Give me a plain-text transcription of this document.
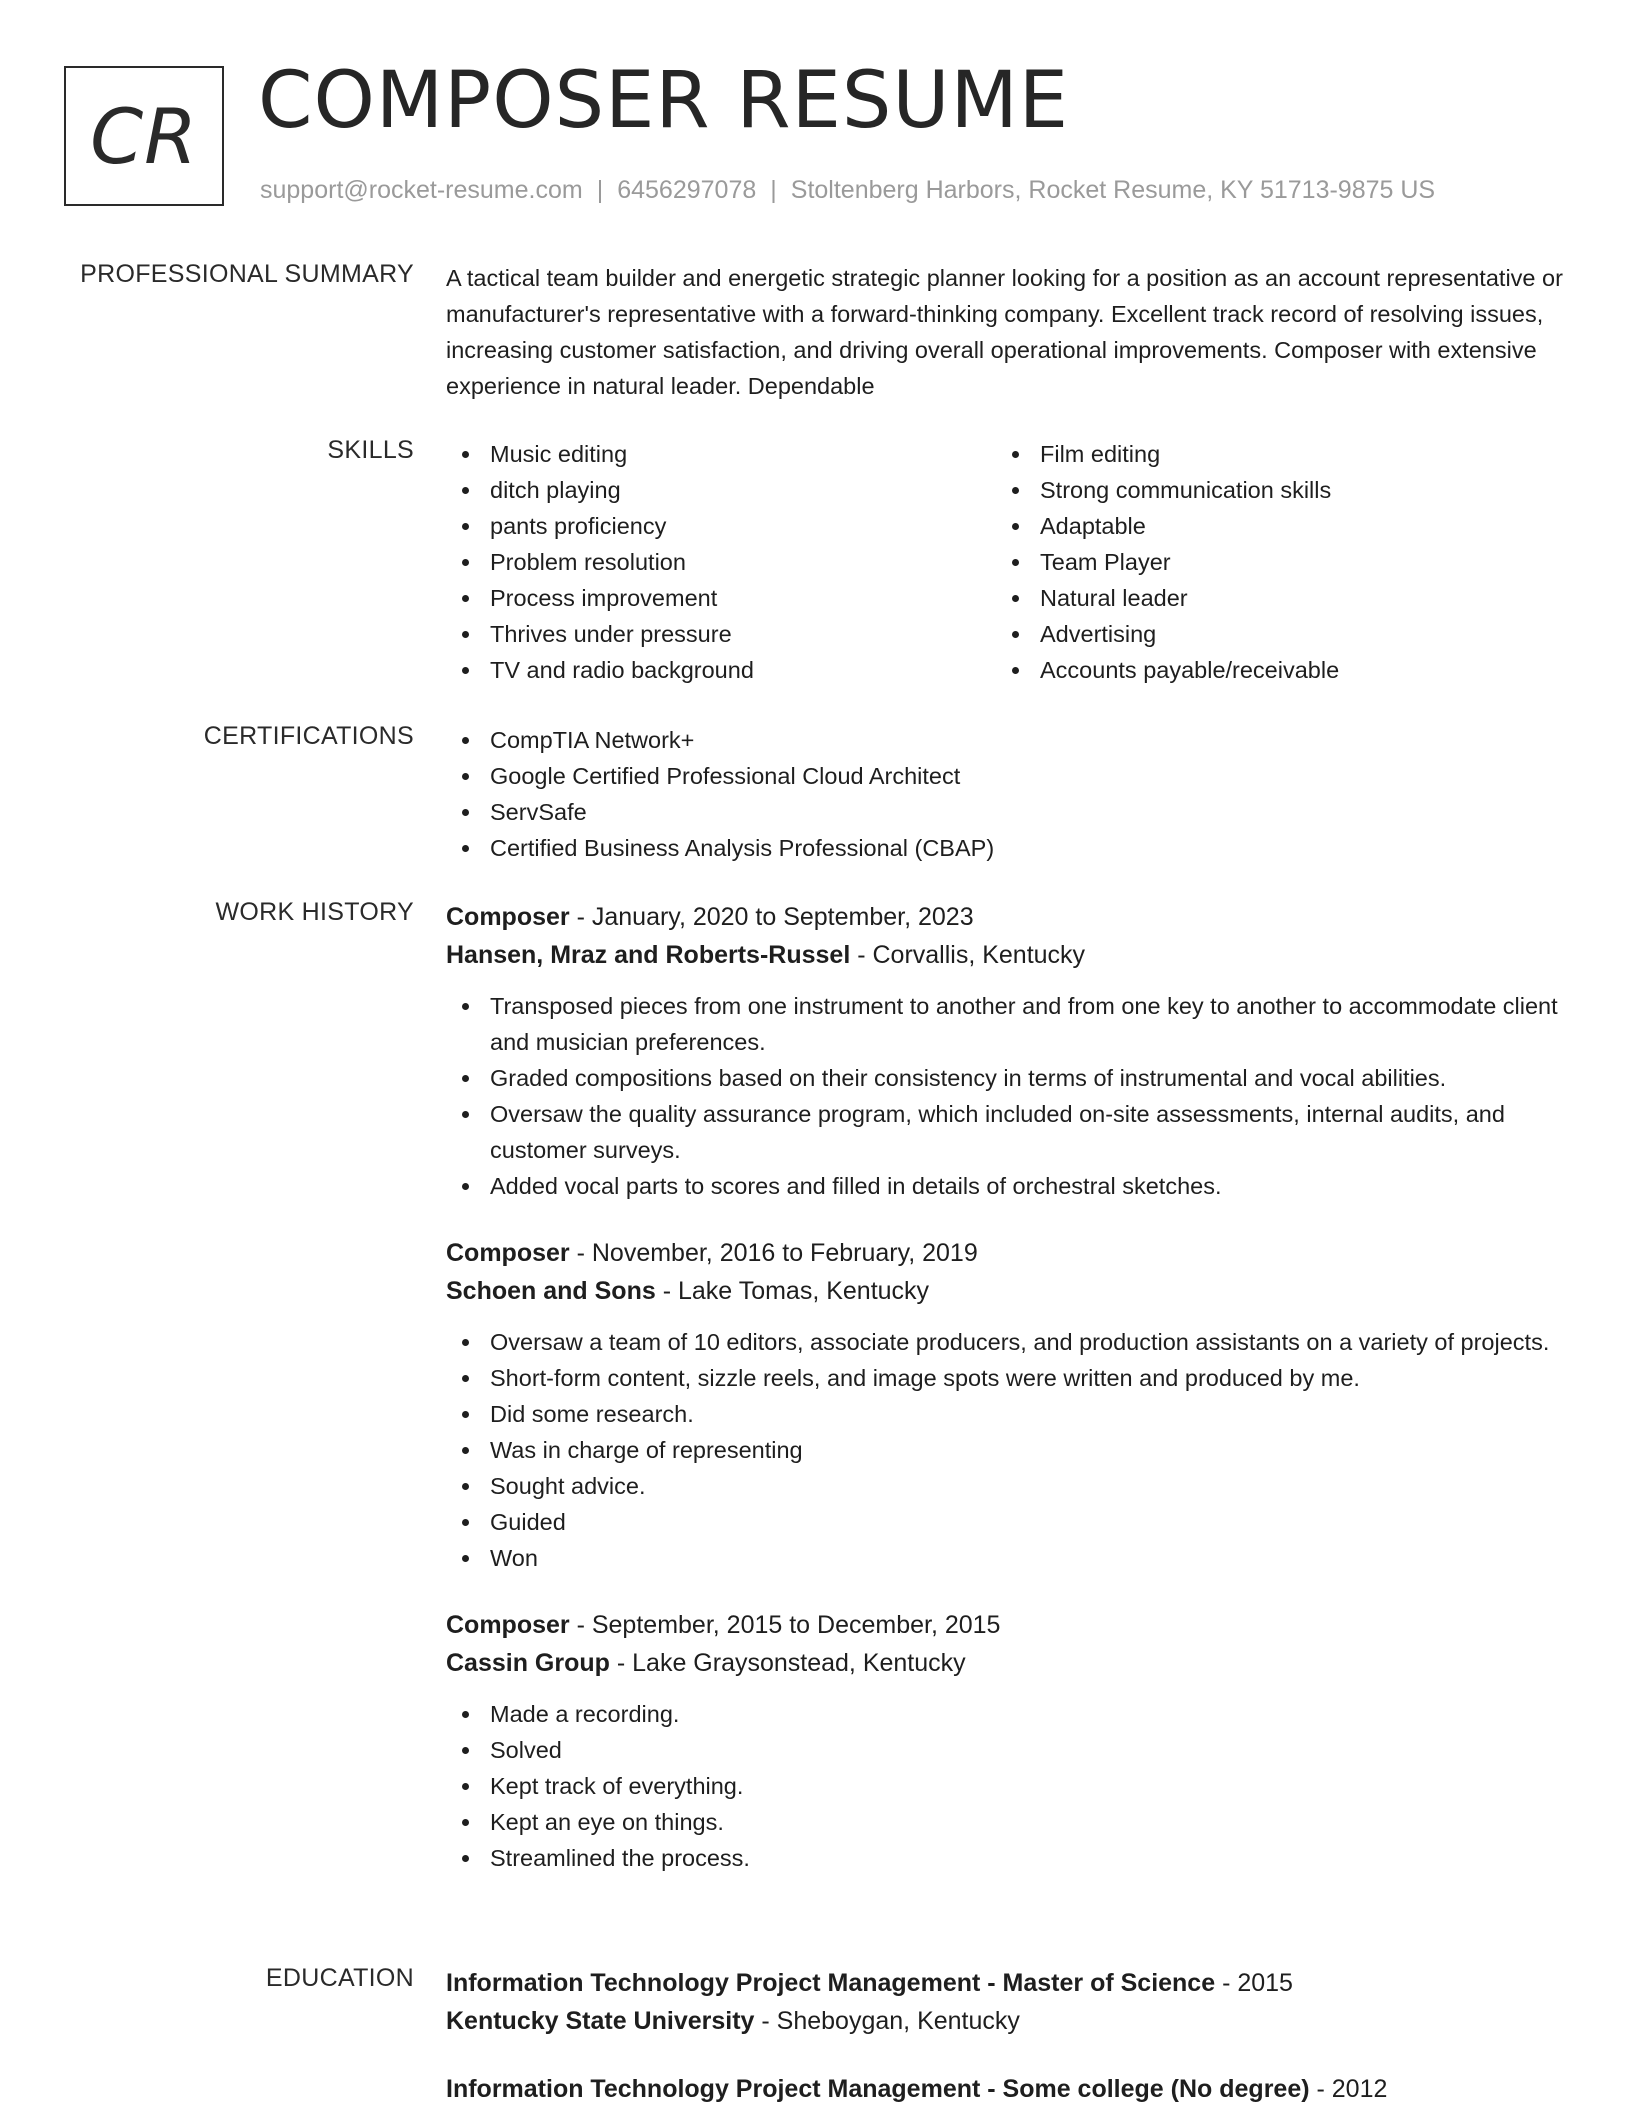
CR COMPOSER RESUME
support@rocket-resume.com | 6456297078 | Stoltenberg Harbors, Rocket Resume, KY 51713-9875 US
PROFESSIONAL SUMMARY A tactical team builder and energetic strategic planner looking for a position as an account representative or manufacturer's representative with a forward-thinking company. Excellent track record of resolving issues, increasing customer satisfaction, and driving overall operational improvements. Composer with extensive experience in natural leader. Dependable

SKILLS	Music editing
ditch playing
pants proficiency
Problem resolution
Process improvement
Thrives under pressure
TV and radio background
Film editing
Strong communication skills
Adaptable
Team Player
Natural leader
Advertising
Accounts payable/receivable
CERTIFICATIONS	CompTIA Network+
Google Certified Professional Cloud Architect
ServSafe
Certified Business Analysis Professional (CBAP)
WORK HISTORY Composer - January, 2020 to September, 2023
Hansen, Mraz and Roberts-Russel - Corvallis, Kentucky
Transposed pieces from one instrument to another and from one key to another to accommodate client and musician preferences.
Graded compositions based on their consistency in terms of instrumental and vocal abilities.
Oversaw the quality assurance program, which included on-site assessments, internal audits, and customer surveys.
Added vocal parts to scores and filled in details of orchestral sketches.
Composer - November, 2016 to February, 2019
Schoen and Sons - Lake Tomas, Kentucky
Oversaw a team of 10 editors, associate producers, and production assistants on a variety of projects.
Short-form content, sizzle reels, and image spots were written and produced by me.
Did some research.
Was in charge of representing
Sought advice.
Guided
Won
Composer - September, 2015 to December, 2015
Cassin Group - Lake Graysonstead, Kentucky
Made a recording.
Solved
Kept track of everything.
Kept an eye on things.
Streamlined the process.
EDUCATION Information Technology Project Management - Master of Science - 2015
Kentucky State University - Sheboygan, Kentucky
Information Technology Project Management - Some college (No degree) - 2012
